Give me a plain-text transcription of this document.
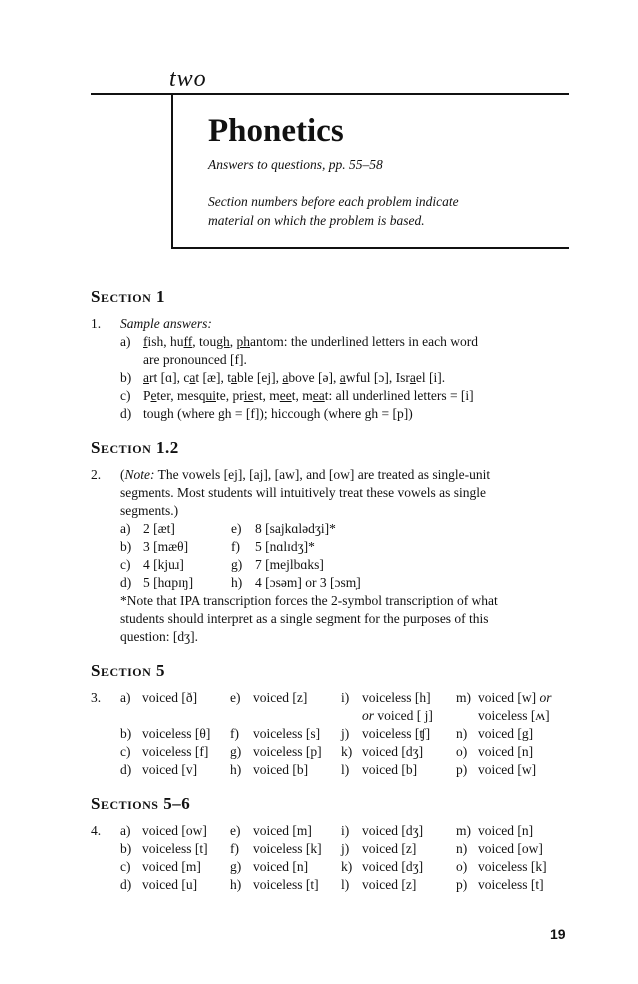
two
Phonetics
Answers to questions, pp. 55–58
Section numbers before each problem indicate
material on which the problem is based.
Section 1
1. Sample answers:
a) fish, huff, tough, phantom: the underlined letters in each word
are pronounced [f].
b) art [ɑ], cat [æ], table [ej], above [ə], awful [ɔ], Israel [i].
c) Peter, mesquite, priest, meet, meat: all underlined letters = [i]
d) tough (where gh = [f]); hiccough (where gh = [p])
Section 1.2
2. (Note: The vowels [ej], [aj], [aw], and [ow] are treated as single-unit
segments. Most students will intuitively treat these vowels as single
segments.)
a) 2 [æt]	e) 8 [sajkɑlədʒi]*
b) 3 [mæθ]	f) 5 [nɑlɪdʒ]*
c) 4 [kjuɹ]	g) 7 [mejlbɑks]
d) 5 [hɑpɪŋ]	h) 4 [ɔsəm] or 3 [ɔsm̩]
*Note that IPA transcription forces the 2-symbol transcription of what
students should interpret as a single segment for the purposes of this
question: [dʒ].
Section 5
3. a) voiced [ð] e) voiced [z] i) voiceless [h] m) voiced [w] or
or voiced [ j]	voiceless [ʍ]
b) voiceless [θ] f) voiceless [s] j) voiceless [ʧ] n) voiced [g]
c) voiceless [f] g) voiceless [p] k) voiced [dʒ] o) voiced [n]
d) voiced [v] h) voiced [b] l) voiced [b]	p) voiced [w]
Sections 5–6
4. a) voiced [ow] e) voiced [m] i) voiced [dʒ] m) voiced [n]
b) voiceless [t] f) voiceless [k] j) voiced [z]	n) voiced [ow]
c) voiced [m] g) voiced [n] k) voiced [dʒ] o) voiceless [k]
d) voiced [u] h) voiceless [t] l) voiced [z]	p) voiceless [t]
19
